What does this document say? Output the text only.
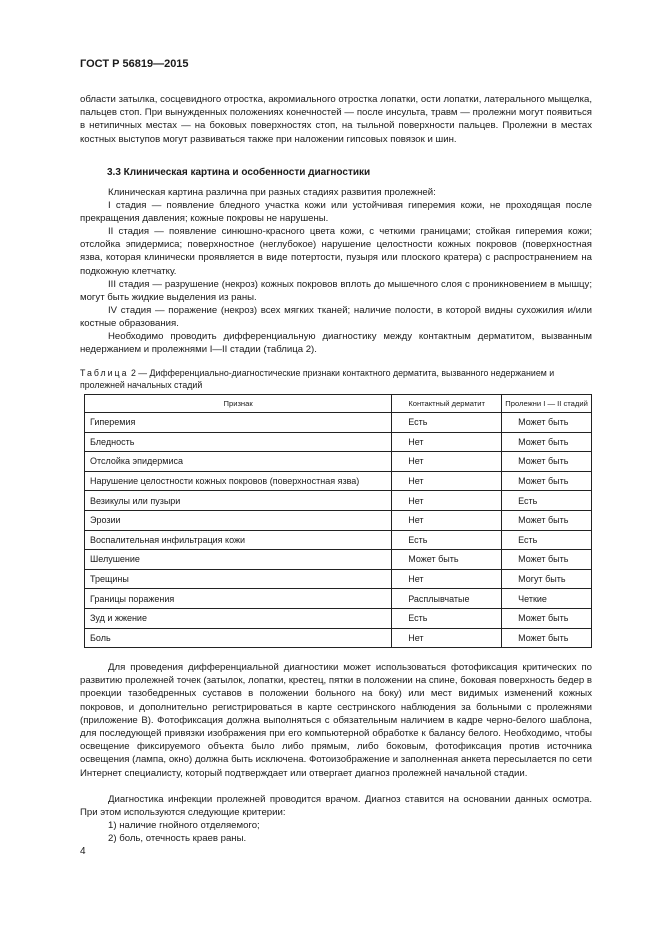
ГОСТ Р 56819—2015

области затылка, сосцевидного отростка, акромиального отростка лопатки, ости лопатки, латерального мыщелка, пальцев стоп. При вынужденных положениях конечностей — после инсульта, травм — пролежни могут появиться в нетипичных местах — на боковых поверхностях стоп, на тыльной поверхности пальцев. Пролежни в местах костных выступов могут развиваться также при наложении гипсовых повязок и шин.

3.3 Клиническая картина и особенности диагностики

Клиническая картина различна при разных стадиях развития пролежней:

I стадия — появление бледного участка кожи или устойчивая гиперемия кожи, не проходящая после прекращения давления; кожные покровы не нарушены.

II стадия — появление синюшно-красного цвета кожи, с четкими границами; стойкая гиперемия кожи; отслойка эпидермиса; поверхностное (неглубокое) нарушение целостности кожных покровов (поверхностная язва, которая клинически проявляется в виде потертости, пузыря или плоского кратера) с распространением на подкожную клетчатку.

III стадия — разрушение (некроз) кожных покровов вплоть до мышечного слоя с проникновением в мышцу; могут быть жидкие выделения из раны.

IV стадия — поражение (некроз) всех мягких тканей; наличие полости, в которой видны сухожилия и/или костные образования.

Необходимо проводить дифференциальную диагностику между контактным дерматитом, вызванным недержанием и пролежнями I—II стадии (таблица 2).

Таблица 2 — Дифференциально-диагностические признаки контактного дерматита, вызванного недержанием и пролежней начальных стадий

Признак	Контактный дерматит	Пролежни I — II стадий
Гиперемия	Есть	Может быть
Бледность	Нет	Может быть
Отслойка эпидермиса	Нет	Может быть
Нарушение целостности кожных покровов (поверхностная язва)	Нет	Может быть
Везикулы или пузыри	Нет	Есть
Эрозии	Нет	Может быть
Воспалительная инфильтрация кожи	Есть	Есть
Шелушение	Может быть	Может быть
Трещины	Нет	Могут быть
Границы поражения	Расплывчатые	Четкие
Зуд и жжение	Есть	Может быть
Боль	Нет	Может быть

Для проведения дифференциальной диагностики может использоваться фотофиксация критических по развитию пролежней точек (затылок, лопатки, крестец, пятки в положении на спине, боковая поверхность бедер в проекции тазобедренных суставов в положении больного на боку) или мест видимых изменений кожных покровов, и дополнительно регистрироваться в карте сестринского наблюдения за больными с пролежнями (приложение В). Фотофиксация должна выполняться с обязательным наличием в кадре черно-белого шаблона, для последующей привязки изображения при его компьютерной обработке к балансу белого. Необходимо, чтобы освещение фиксируемого объекта было либо прямым, либо боковым, фотофиксация против источника освещения (лампа, окно) должна быть исключена. Фотоизображение и заполненная анкета пересылается по сети Интернет специалисту, который подтверждает или отвергает диагноз пролежней начальной стадии.

Диагностика инфекции пролежней проводится врачом. Диагноз ставится на основании данных осмотра. При этом используются следующие критерии:

1) наличие гнойного отделяемого;

2) боль, отечность краев раны.

4
